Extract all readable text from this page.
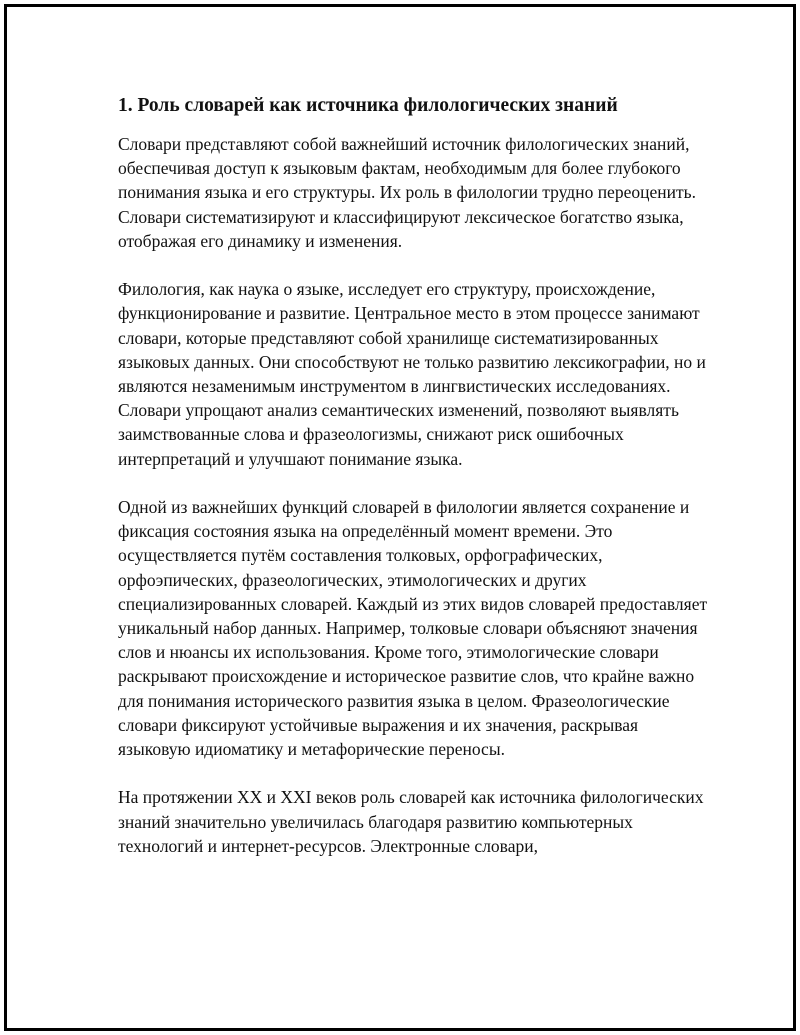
1. Роль словарей как источника филологических знаний

Словари представляют собой важнейший источник филологических знаний, обеспечивая доступ к языковым фактам, необходимым для более глубокого понимания языка и его структуры. Их роль в филологии трудно переоценить. Словари систематизируют и классифицируют лексическое богатство языка, отображая его динамику и изменения.

Филология, как наука о языке, исследует его структуру, происхождение, функционирование и развитие. Центральное место в этом процессе занимают словари, которые представляют собой хранилище систематизированных языковых данных. Они способствуют не только развитию лексикографии, но и являются незаменимым инструментом в лингвистических исследованиях. Словари упрощают анализ семантических изменений, позволяют выявлять заимствованные слова и фразеологизмы, снижают риск ошибочных интерпретаций и улучшают понимание языка.

Одной из важнейших функций словарей в филологии является сохранение и фиксация состояния языка на определённый момент времени. Это осуществляется путём составления толковых, орфографических, орфоэпических, фразеологических, этимологических и других специализированных словарей. Каждый из этих видов словарей предоставляет уникальный набор данных. Например, толковые словари объясняют значения слов и нюансы их использования. Кроме того, этимологические словари раскрывают происхождение и историческое развитие слов, что крайне важно для понимания исторического развития языка в целом. Фразеологические словари фиксируют устойчивые выражения и их значения, раскрывая языковую идиоматику и метафорические переносы.

На протяжении XX и XXI веков роль словарей как источника филологических знаний значительно увеличилась благодаря развитию компьютерных технологий и интернет-ресурсов. Электронные словари,
